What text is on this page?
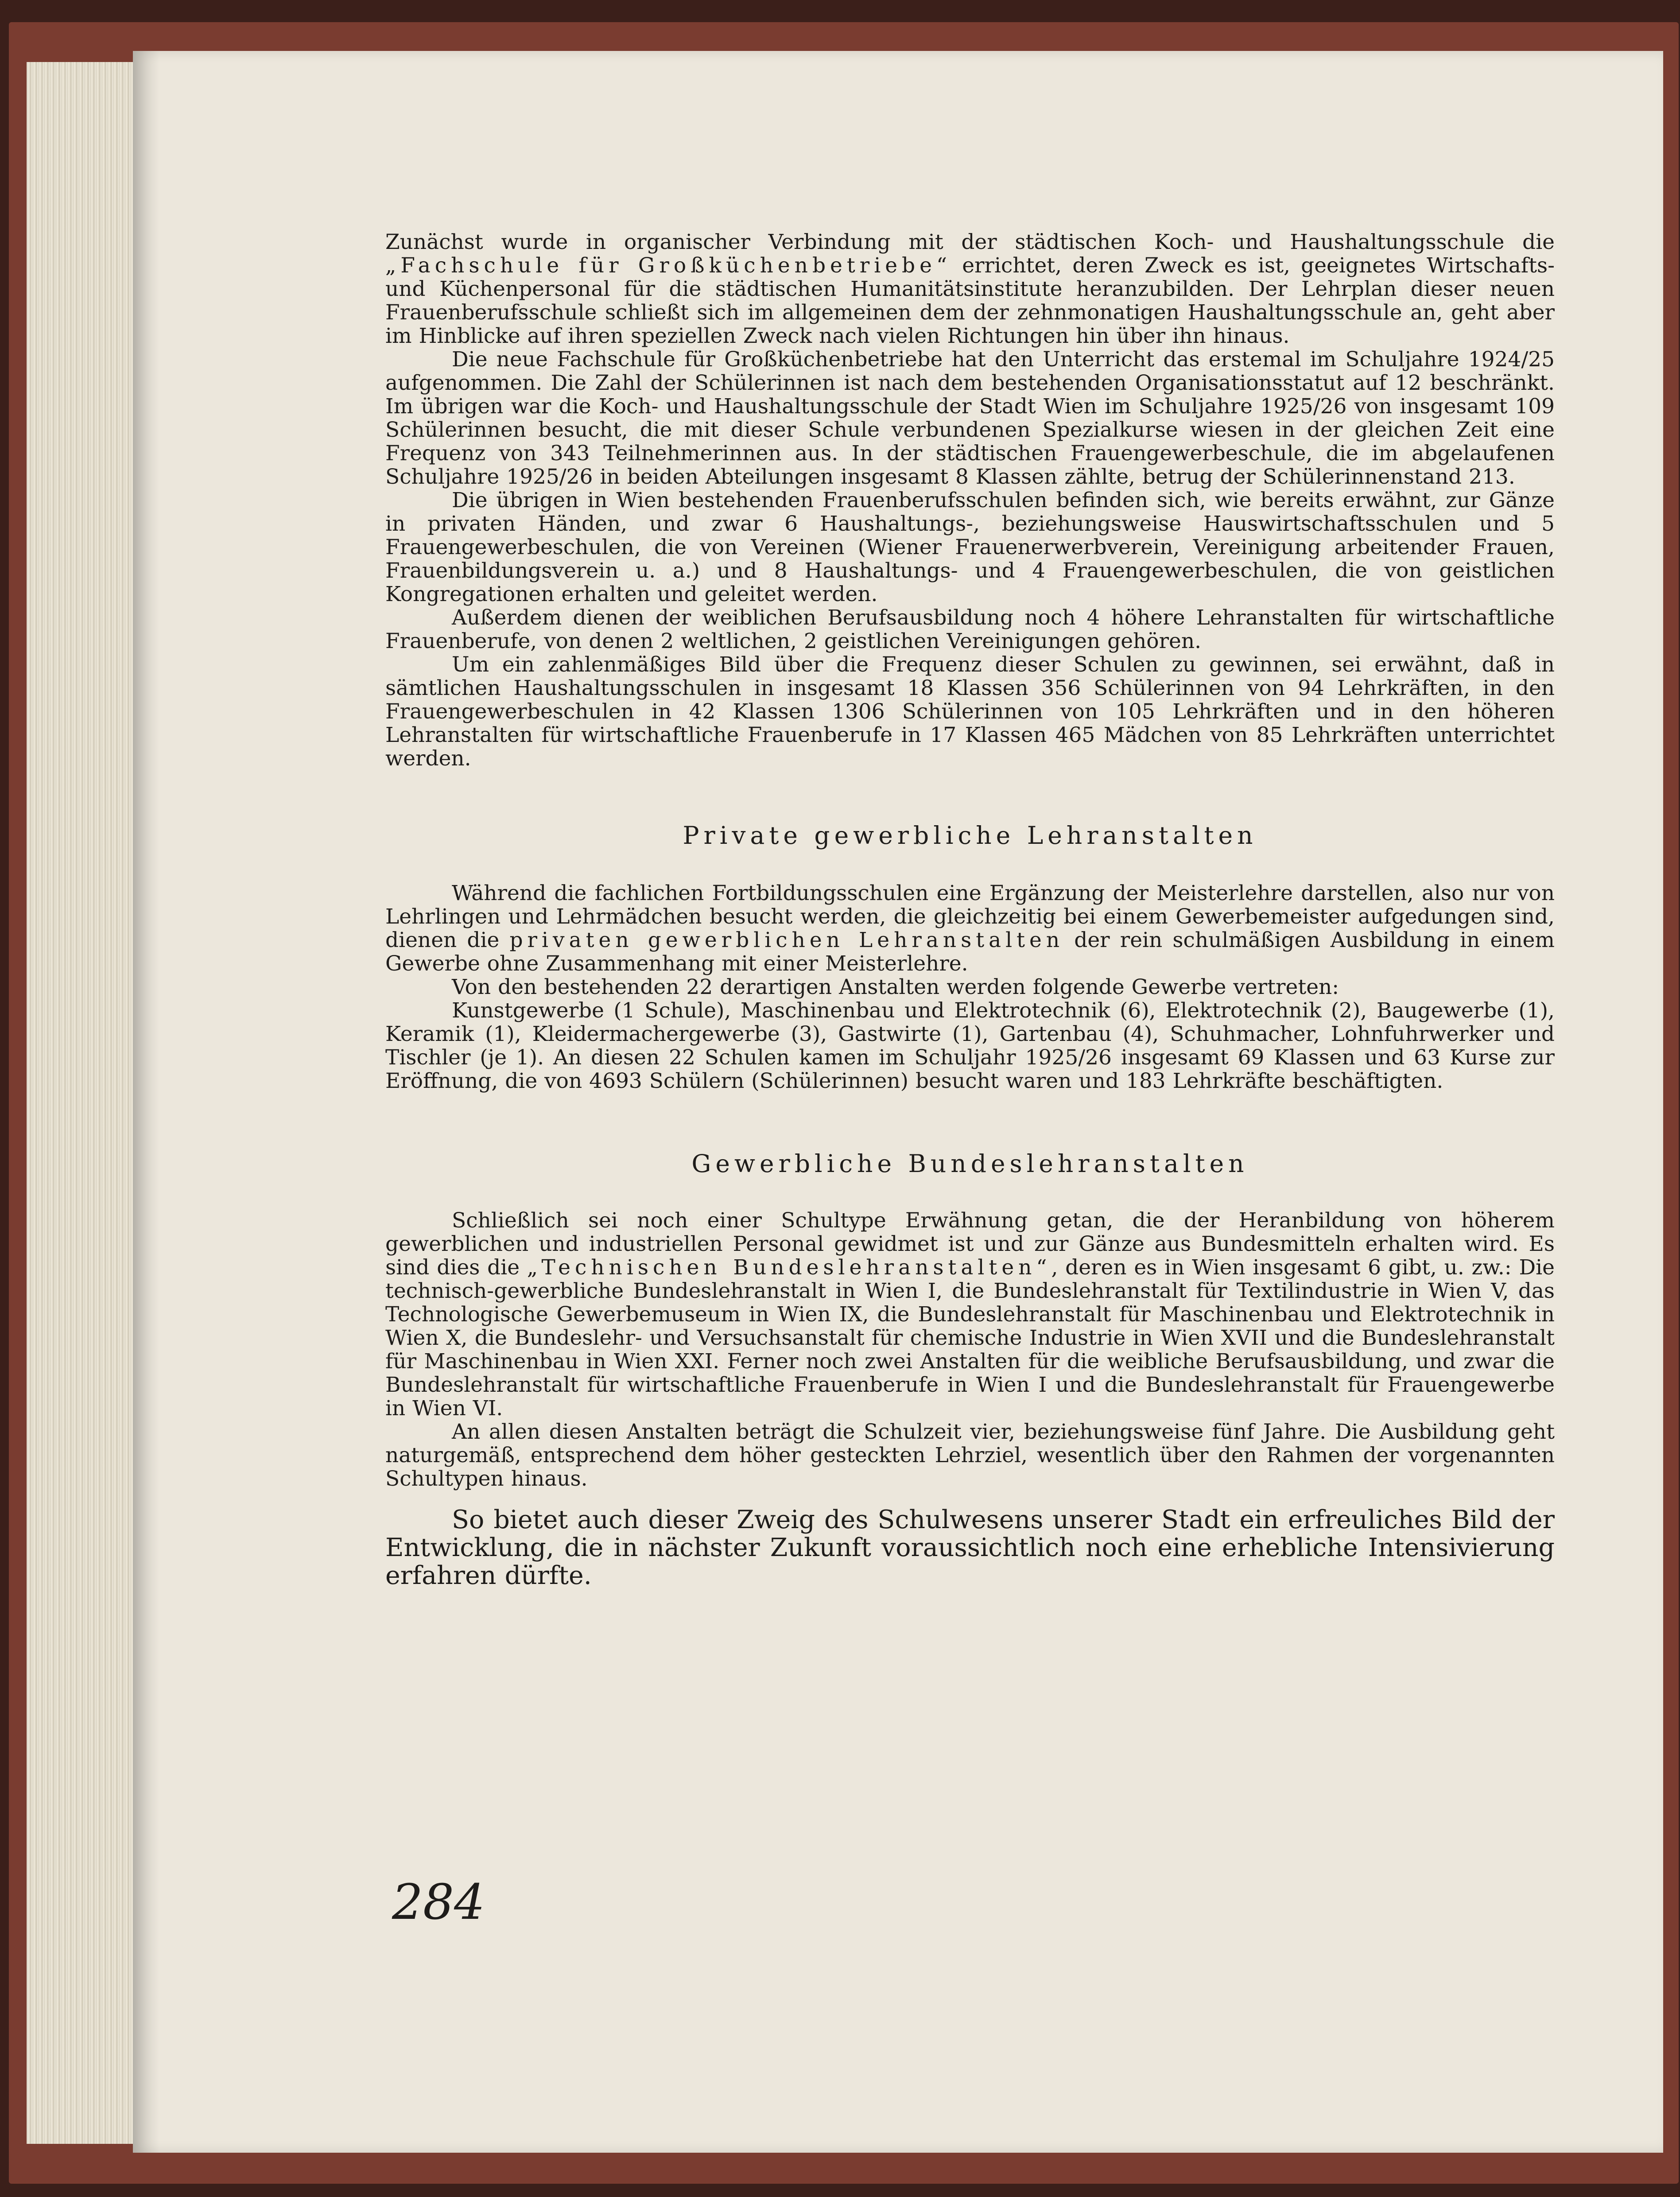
Zunächst wurde in organischer Verbindung mit der städtischen Koch- und Haushaltungsschule die „Fachschule für Großküchenbetriebe“ errichtet, deren Zweck es ist, geeignetes Wirtschafts- und Küchenpersonal für die städtischen Humanitätsinstitute heranzubilden. Der Lehrplan dieser neuen Frauenberufsschule schließt sich im allgemeinen dem der zehnmonatigen Haushaltungsschule an, geht aber im Hinblicke auf ihren speziellen Zweck nach vielen Richtungen hin über ihn hinaus.

Die neue Fachschule für Großküchenbetriebe hat den Unterricht das erstemal im Schuljahre 1924/25 aufgenommen. Die Zahl der Schülerinnen ist nach dem bestehenden Organisationsstatut auf 12 beschränkt. Im übrigen war die Koch- und Haushaltungsschule der Stadt Wien im Schuljahre 1925/26 von insgesamt 109 Schülerinnen besucht, die mit dieser Schule verbundenen Spezialkurse wiesen in der gleichen Zeit eine Frequenz von 343 Teilnehmerinnen aus. In der städtischen Frauengewerbeschule, die im abgelaufenen Schuljahre 1925/26 in beiden Abteilungen insgesamt 8 Klassen zählte, betrug der Schülerinnenstand 213.

Die übrigen in Wien bestehenden Frauenberufsschulen befinden sich, wie bereits erwähnt, zur Gänze in privaten Händen, und zwar 6 Haushaltungs-, beziehungsweise Hauswirtschaftsschulen und 5 Frauengewerbeschulen, die von Vereinen (Wiener Frauenerwerbverein, Vereinigung arbeitender Frauen, Frauenbildungsverein u. a.) und 8 Haushaltungs- und 4 Frauengewerbeschulen, die von geistlichen Kongregationen erhalten und geleitet werden.

Außerdem dienen der weiblichen Berufsausbildung noch 4 höhere Lehranstalten für wirtschaftliche Frauenberufe, von denen 2 weltlichen, 2 geistlichen Vereinigungen gehören.

Um ein zahlenmäßiges Bild über die Frequenz dieser Schulen zu gewinnen, sei erwähnt, daß in sämtlichen Haushaltungsschulen in insgesamt 18 Klassen 356 Schülerinnen von 94 Lehrkräften, in den Frauengewerbeschulen in 42 Klassen 1306 Schülerinnen von 105 Lehrkräften und in den höheren Lehranstalten für wirtschaftliche Frauenberufe in 17 Klassen 465 Mädchen von 85 Lehrkräften unterrichtet werden.

Private gewerbliche Lehranstalten

Während die fachlichen Fortbildungsschulen eine Ergänzung der Meisterlehre darstellen, also nur von Lehrlingen und Lehrmädchen besucht werden, die gleichzeitig bei einem Gewerbemeister aufgedungen sind, dienen die privaten gewerblichen Lehranstalten der rein schulmäßigen Ausbildung in einem Gewerbe ohne Zusammenhang mit einer Meisterlehre.

Von den bestehenden 22 derartigen Anstalten werden folgende Gewerbe vertreten:

Kunstgewerbe (1 Schule), Maschinenbau und Elektrotechnik (6), Elektrotechnik (2), Baugewerbe (1), Keramik (1), Kleidermachergewerbe (3), Gastwirte (1), Gartenbau (4), Schuhmacher, Lohnfuhrwerker und Tischler (je 1). An diesen 22 Schulen kamen im Schuljahr 1925/26 insgesamt 69 Klassen und 63 Kurse zur Eröffnung, die von 4693 Schülern (Schülerinnen) besucht waren und 183 Lehrkräfte beschäftigten.

Gewerbliche Bundeslehranstalten

Schließlich sei noch einer Schultype Erwähnung getan, die der Heranbildung von höherem gewerblichen und industriellen Personal gewidmet ist und zur Gänze aus Bundesmitteln erhalten wird. Es sind dies die „Technischen Bundeslehranstalten“, deren es in Wien insgesamt 6 gibt, u. zw.: Die technisch-gewerbliche Bundeslehranstalt in Wien I, die Bundeslehranstalt für Textilindustrie in Wien V, das Technologische Gewerbemuseum in Wien IX, die Bundeslehranstalt für Maschinenbau und Elektrotechnik in Wien X, die Bundeslehr- und Versuchsanstalt für chemische Industrie in Wien XVII und die Bundeslehranstalt für Maschinenbau in Wien XXI. Ferner noch zwei Anstalten für die weibliche Berufsausbildung, und zwar die Bundeslehranstalt für wirtschaftliche Frauenberufe in Wien I und die Bundeslehranstalt für Frauengewerbe in Wien VI.

An allen diesen Anstalten beträgt die Schulzeit vier, beziehungsweise fünf Jahre. Die Ausbildung geht naturgemäß, entsprechend dem höher gesteckten Lehrziel, wesentlich über den Rahmen der vorgenannten Schultypen hinaus.

So bietet auch dieser Zweig des Schulwesens unserer Stadt ein erfreuliches Bild der Entwicklung, die in nächster Zukunft voraussichtlich noch eine erhebliche Intensivierung erfahren dürfte.

284
